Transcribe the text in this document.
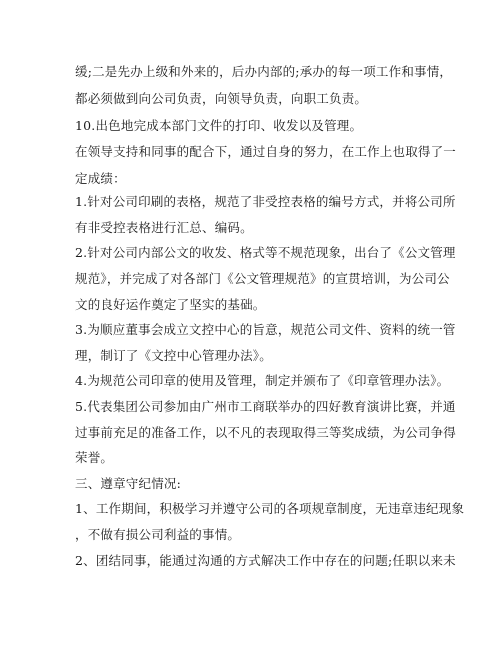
缓;二是先办上级和外来的，后办内部的;承办的每一项工作和事情，

都必须做到向公司负责，向领导负责，向职工负责。

10.出色地完成本部门文件的打印、收发以及管理。

在领导支持和同事的配合下，通过自身的努力，在工作上也取得了一

定成绩：

1.针对公司印刷的表格，规范了非受控表格的编号方式，并将公司所

有非受控表格进行汇总、编码。

2.针对公司内部公文的收发、格式等不规范现象，出台了《公文管理

规范》，并完成了对各部门《公文管理规范》的宣贯培训，为公司公

文的良好运作奠定了坚实的基础。

3.为顺应董事会成立文控中心的旨意，规范公司文件、资料的统一管

理，制订了《文控中心管理办法》。

4.为规范公司印章的使用及管理，制定并颁布了《印章管理办法》。

5.代表集团公司参加由广州市工商联举办的四好教育演讲比赛，并通

过事前充足的准备工作，以不凡的表现取得三等奖成绩，为公司争得

荣誉。

三、遵章守纪情况:

1、工作期间，积极学习并遵守公司的各项规章制度，无违章违纪现象

，不做有损公司利益的事情。

2、团结同事，能通过沟通的方式解决工作中存在的问题;任职以来未
